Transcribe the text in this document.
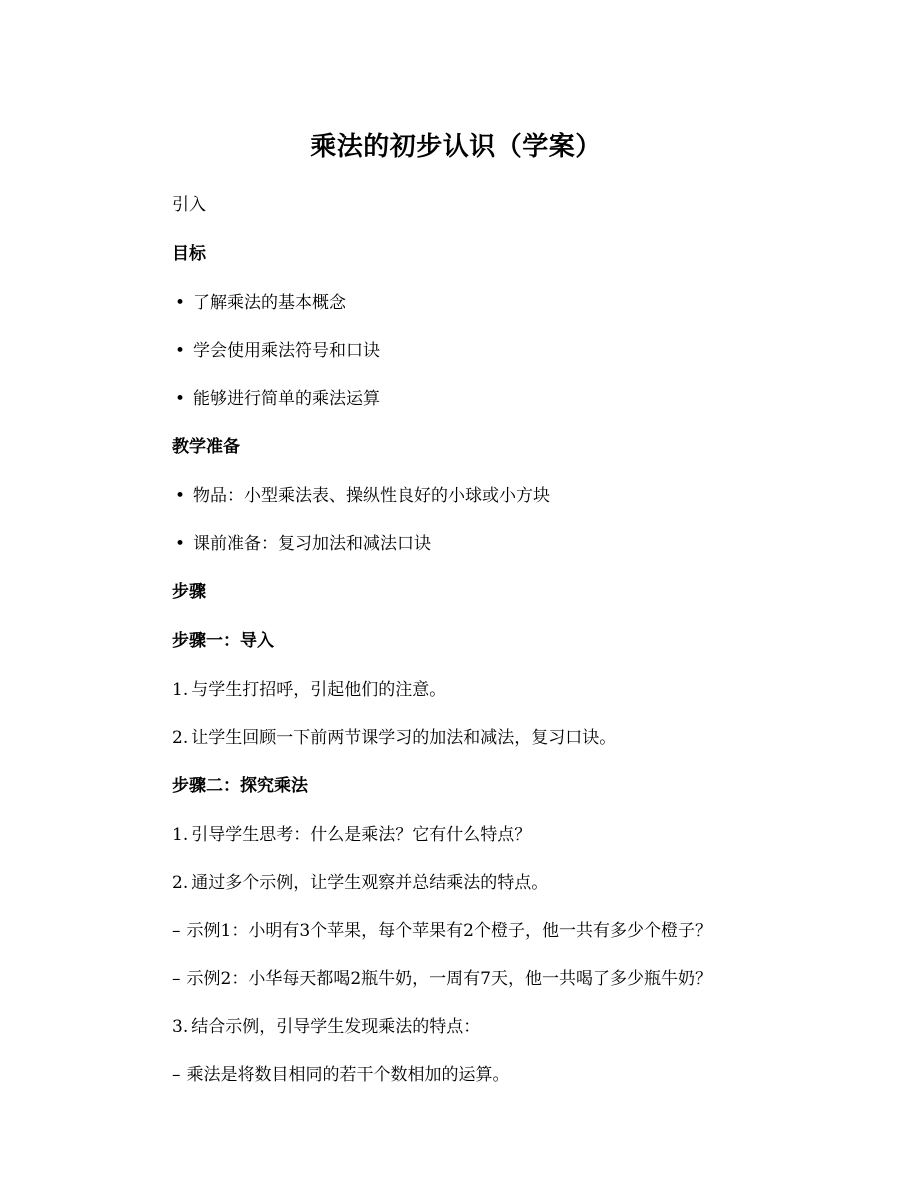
乘法的初步认识（学案）

引入

目标

• 了解乘法的基本概念
• 学会使用乘法符号和口诀
• 能够进行简单的乘法运算

教学准备

• 物品：小型乘法表、操纵性良好的小球或小方块
• 课前准备：复习加法和减法口诀

步骤

步骤一：导入

1. 与学生打招呼，引起他们的注意。
2. 让学生回顾一下前两节课学习的加法和减法，复习口诀。

步骤二：探究乘法

1. 引导学生思考：什么是乘法？它有什么特点？
2. 通过多个示例，让学生观察并总结乘法的特点。
– 示例1：小明有3个苹果，每个苹果有2个橙子，他一共有多少个橙子？
– 示例2：小华每天都喝2瓶牛奶，一周有7天，他一共喝了多少瓶牛奶？
3. 结合示例，引导学生发现乘法的特点：
– 乘法是将数目相同的若干个数相加的运算。
